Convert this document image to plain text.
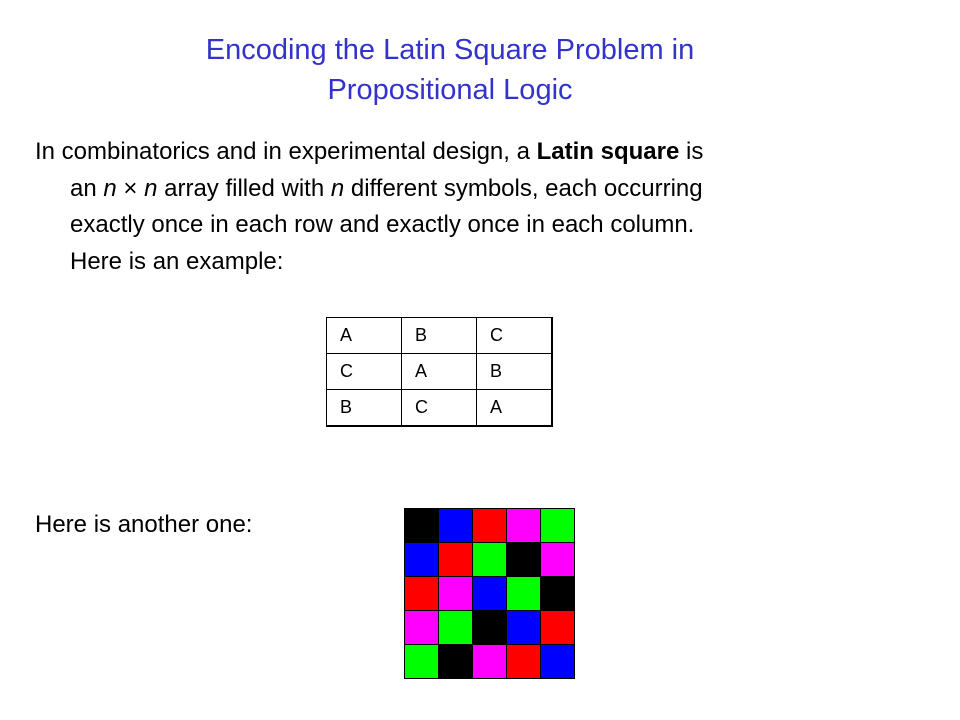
Encoding the Latin Square Problem in
Propositional Logic
In combinatorics and in experimental design, a Latin square is
an n × n array filled with n different symbols, each occurring
exactly once in each row and exactly once in each column.
Here is an example:
A	B	C
C	A	B
B	C	A
Here is another one:
